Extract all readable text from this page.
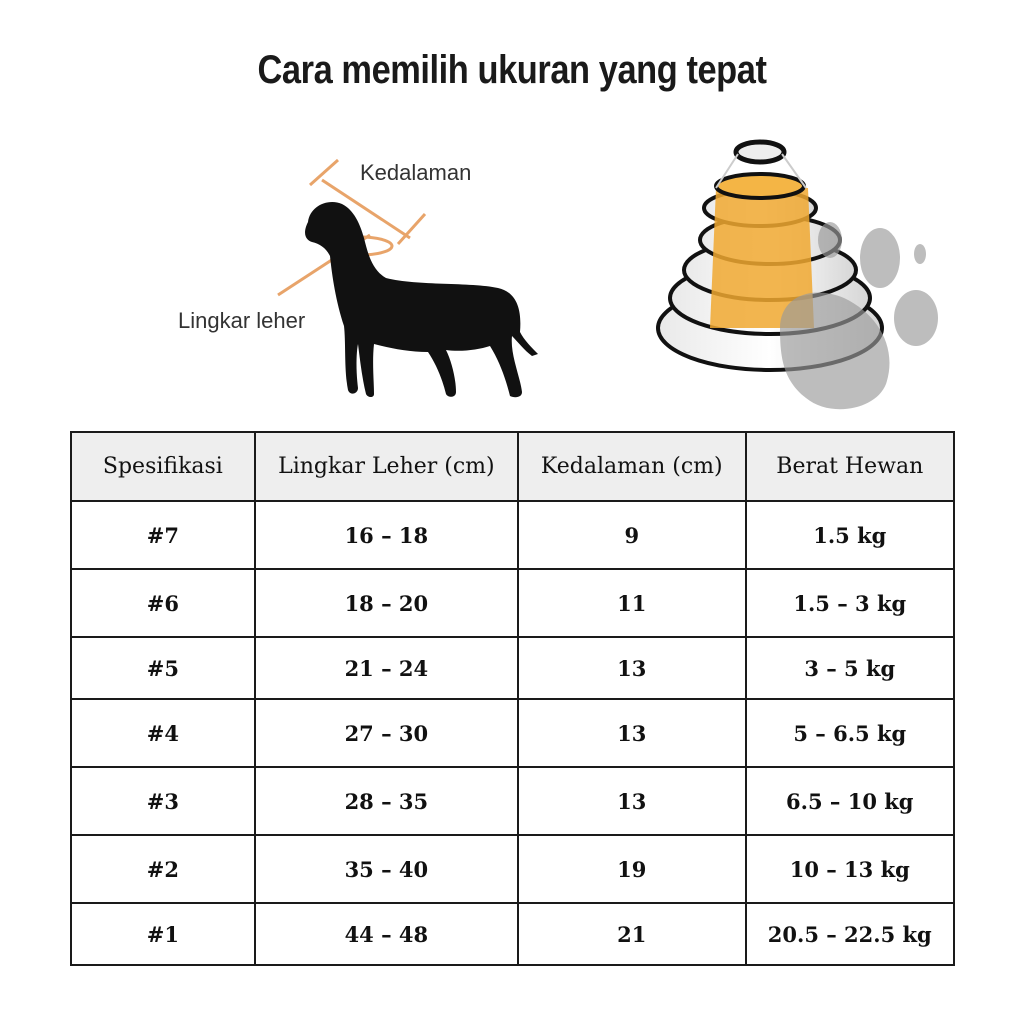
Cara memilih ukuran yang tepat
Kedalaman
Lingkar leher
Spesifikasi	Lingkar Leher (cm)	Kedalaman (cm)	Berat Hewan
#7	16 – 18	9	1.5 kg
#6	18 – 20	11	1.5 – 3 kg
#5	21 – 24	13	3 – 5 kg
#4	27 – 30	13	5 – 6.5 kg
#3	28 – 35	13	6.5 – 10 kg
#2	35 – 40	19	10 – 13 kg
#1	44 – 48	21	20.5 – 22.5 kg
